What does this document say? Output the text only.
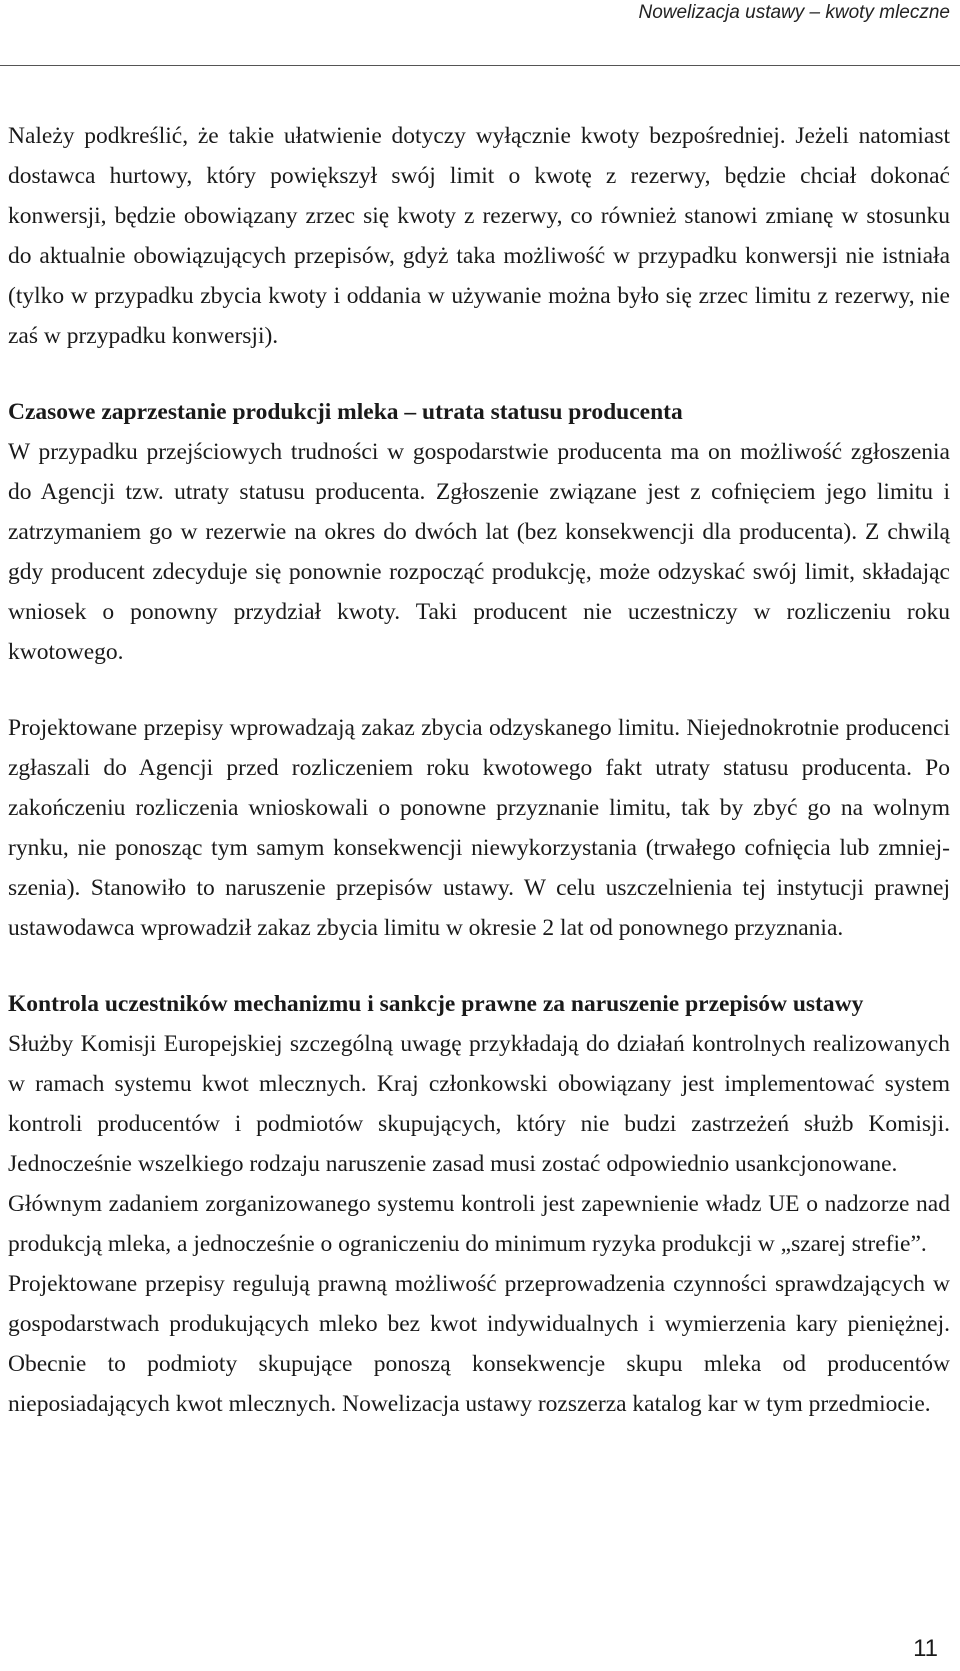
Nowelizacja ustawy – kwoty mleczne

Należy podkreślić, że takie ułatwienie dotyczy wyłącznie kwoty bezpośredniej. Jeżeli natomiast dostawca hurtowy, który powiększył swój limit o kwotę z rezerwy, będzie chciał dokonać konwersji, będzie obowiązany zrzec się kwoty z rezerwy, co również stanowi zmianę w stosunku do aktualnie obowiązujących przepisów, gdyż taka możliwość w przypadku konwersji nie istniała (tylko w przypadku zbycia kwoty i oddania w używanie można było się zrzec limitu z rezerwy, nie zaś w przypadku konwersji).

Czasowe zaprzestanie produkcji mleka – utrata statusu producenta

W przypadku przejściowych trudności w gospodarstwie producenta ma on możliwość zgłoszenia do Agencji tzw. utraty statusu producenta. Zgłoszenie związane jest z cofnięciem jego limitu i zatrzymaniem go w rezerwie na okres do dwóch lat (bez konsekwencji dla producenta). Z chwilą gdy producent zdecyduje się ponownie rozpocząć produkcję, może odzyskać swój limit, składając wniosek o ponowny przydział kwoty. Taki producent nie uczestniczy w rozliczeniu roku kwotowego.

Projektowane przepisy wprowadzają zakaz zbycia odzyskanego limitu. Niejednokrotnie producenci zgłaszali do Agencji przed rozliczeniem roku kwotowego fakt utraty statusu producenta. Po zakończeniu rozliczenia wnioskowali o ponowne przyznanie limitu, tak by zbyć go na wolnym rynku, nie ponosząc tym samym konsekwencji niewykorzystania (trwałego cofnięcia lub zmniejszenia). Stanowiło to naruszenie przepisów ustawy. W celu uszczelnienia tej instytucji prawnej ustawodawca wprowadził zakaz zbycia limitu w okresie 2 lat od ponownego przyznania.

Kontrola uczestników mechanizmu i sankcje prawne za naruszenie przepisów ustawy

Służby Komisji Europejskiej szczególną uwagę przykładają do działań kontrolnych realizowanych w ramach systemu kwot mlecznych. Kraj członkowski obowiązany jest implementować system kontroli producentów i podmiotów skupujących, który nie budzi zastrzeżeń służb Komisji. Jednocześnie wszelkiego rodzaju naruszenie zasad musi zostać odpowiednio usankcjonowane.

Głównym zadaniem zorganizowanego systemu kontroli jest zapewnienie władz UE o nadzorze nad produkcją mleka, a jednocześnie o ograniczeniu do minimum ryzyka produkcji w „szarej strefie”.

Projektowane przepisy regulują prawną możliwość przeprowadzenia czynności sprawdzających w gospodarstwach produkujących mleko bez kwot indywidualnych i wymierzenia kary pieniężnej. Obecnie to podmioty skupujące ponoszą konsekwencje skupu mleka od producentów nieposiadających kwot mlecznych. Nowelizacja ustawy rozszerza katalog kar w tym przedmiocie.

11
